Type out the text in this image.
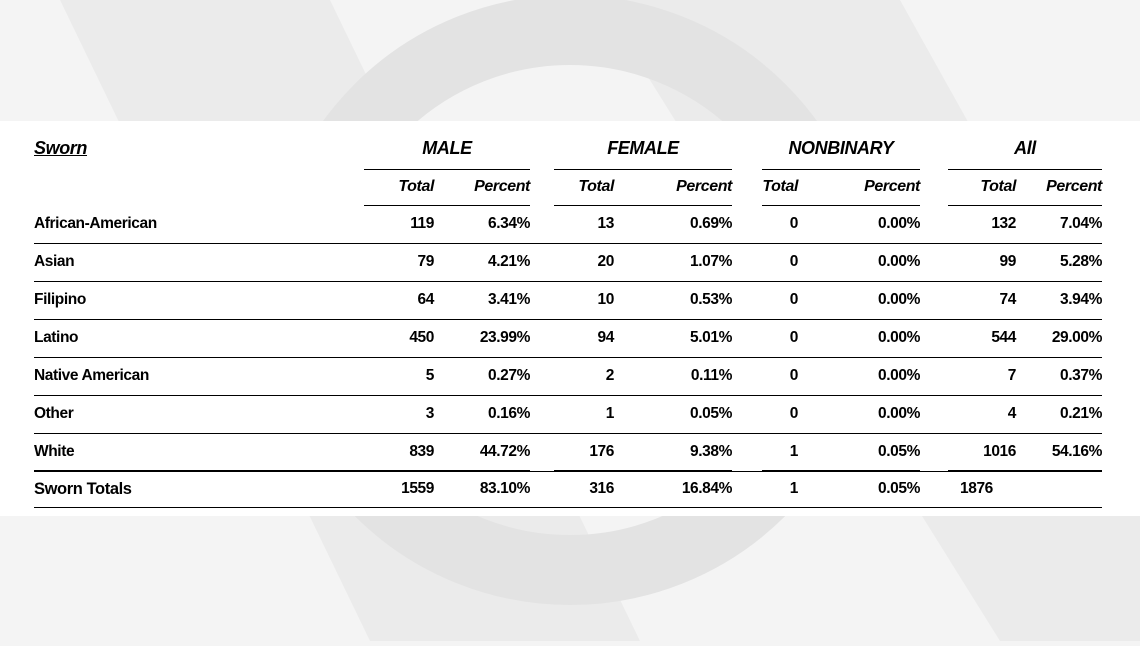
Sworn	MALE			FEMALE			NONBINARY			All	
	Total	Percent		Total	Percent		Total	Percent		Total	Percent
African-American	119	6.34%		13	0.69%		0	0.00%		132	7.04%
Asian	79	4.21%		20	1.07%		0	0.00%		99	5.28%
Filipino	64	3.41%		10	0.53%		0	0.00%		74	3.94%
Latino	450	23.99%		94	5.01%		0	0.00%		544	29.00%
Native American	5	0.27%		2	0.11%		0	0.00%		7	0.37%
Other	3	0.16%		1	0.05%		0	0.00%		4	0.21%
White	839	44.72%		176	9.38%		1	0.05%		1016	54.16%
Sworn Totals	1559	83.10%		316	16.84%		1	0.05%		1876	
